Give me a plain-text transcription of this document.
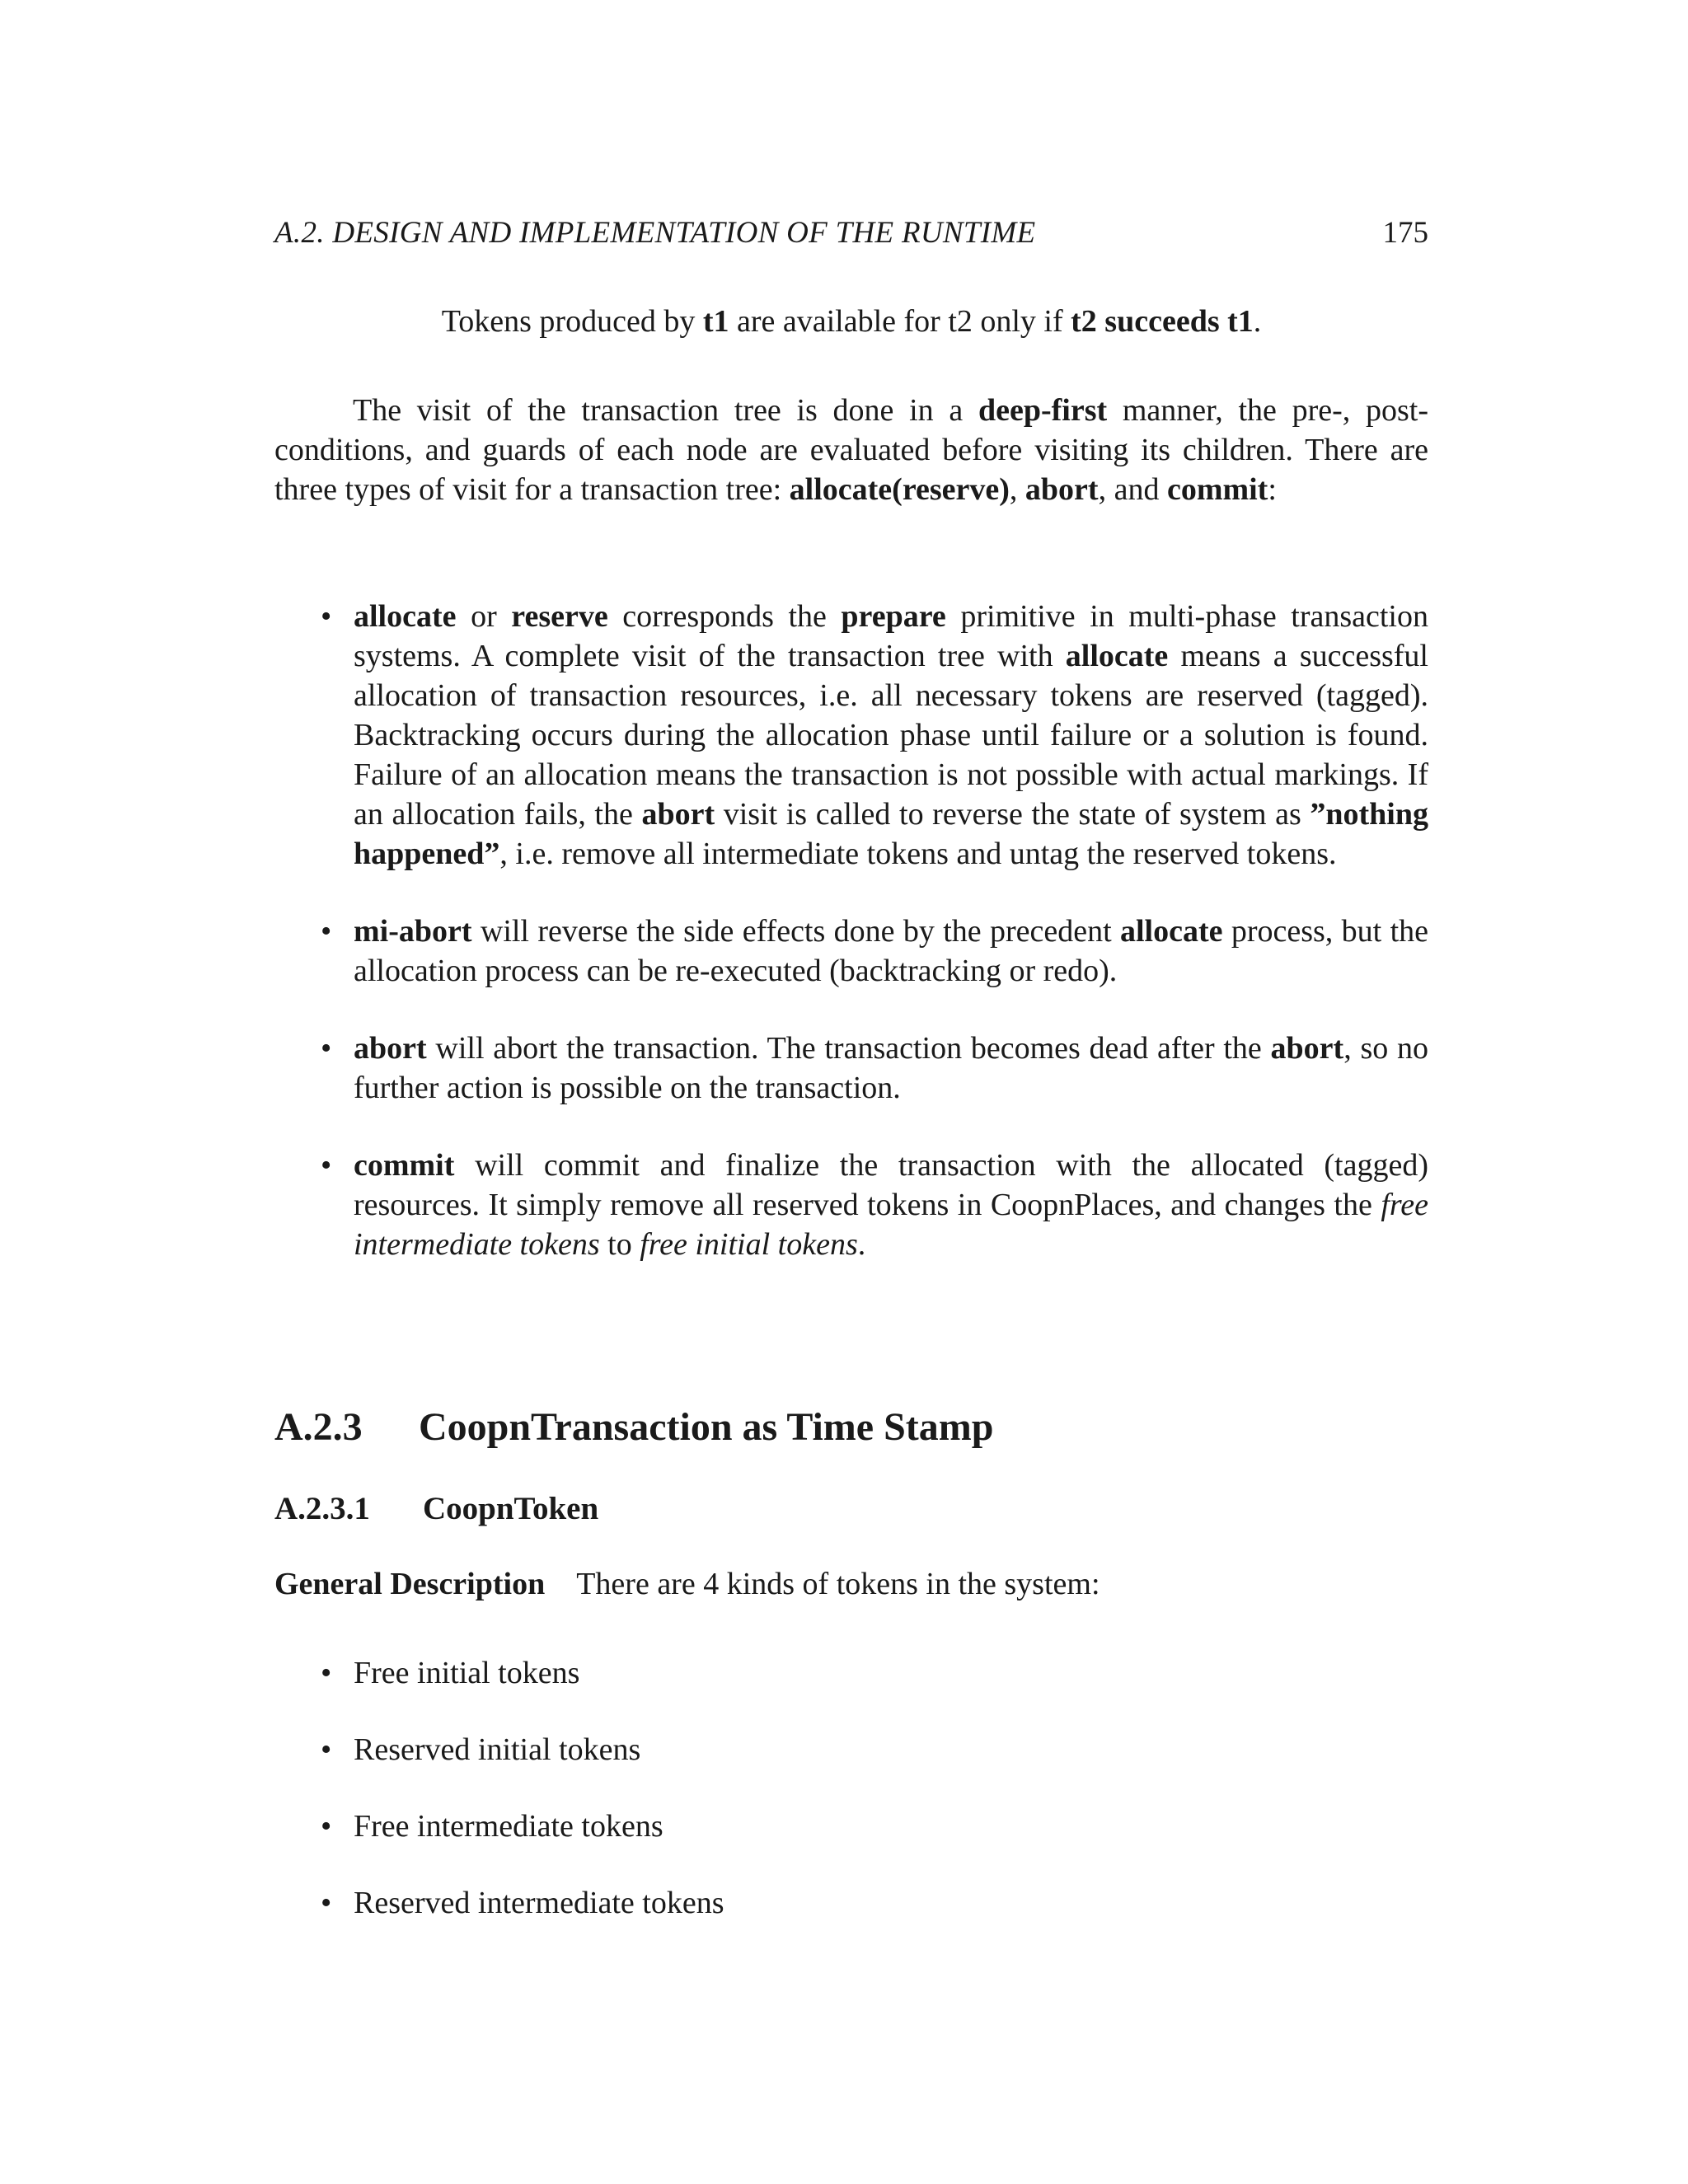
A.2. DESIGN AND IMPLEMENTATION OF THE RUNTIME	175
Tokens produced by t1 are available for t2 only if t2 succeeds t1.

The visit of the transaction tree is done in a deep-first manner, the pre-, post- conditions, and guards of each node are evaluated before visiting its children. There are three types of visit for a transaction tree: allocate(reserve), abort, and commit:

• allocate or reserve corresponds the prepare primitive in multi-phase transaction systems. A complete visit of the transaction tree with allocate means a successful allocation of transaction resources, i.e. all necessary tokens are reserved (tagged). Backtracking occurs during the allocation phase until failure or a solution is found. Failure of an allocation means the transaction is not possible with actual markings. If an allocation fails, the abort visit is called to reverse the state of system as ”nothing happened”, i.e. remove all intermediate tokens and untag the reserved tokens.
• mi-abort will reverse the side effects done by the precedent allocate process, but the allocation process can be re-executed (backtracking or redo).
• abort will abort the transaction. The transaction becomes dead after the abort, so no further action is possible on the transaction.
• commit will commit and finalize the transaction with the allocated (tagged) resources. It simply remove all reserved tokens in CoopnPlaces, and changes the free intermediate tokens to free initial tokens.
A.2.3 CoopnTransaction as Time Stamp
A.2.3.1 CoopnToken

General Description There are 4 kinds of tokens in the system:

• Free initial tokens
• Reserved initial tokens
• Free intermediate tokens
• Reserved intermediate tokens
